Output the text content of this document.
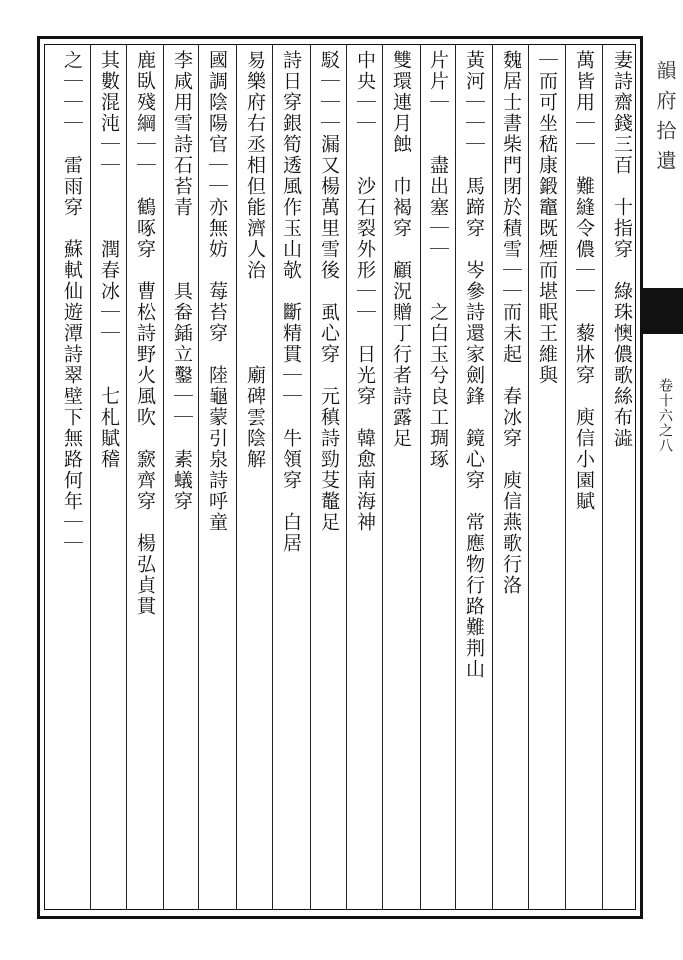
韻府拾遺
卷十六之八
妻詩齋錢三百　十指穿　綠珠懊儂歌絲布澁
萬皆用｜｜　難縫令儂｜｜　藜牀穿　庾信小園賦
｜而可坐嵇康鍛竈既煙而堪眠王維與
魏居士書柴門閉於積雪｜｜而未起　春冰穿　庾信燕歌行洛
黃河｜｜｜　馬蹄穿　岑參詩還家劍鋒　鏡心穿　常應物行路難荆山
片片｜　　盡出塞｜｜　　之白玉兮良工琱琢
雙環連月蝕　巾褐穿　顧況贈丁行者詩露足
中央｜｜　　沙石裂外形｜｜　日光穿　韓愈南海神
駁｜｜｜漏又楊萬里雪後　虱心穿　元稹詩勁芟鼇足
詩日穿銀筍透風作玉山欹　斷精貫｜｜　牛領穿　白居
易樂府右丞相但能濟人治　　　　廟碑雲陰解
國調陰陽官｜｜亦無妨　莓苔穿　陸龜蒙引泉詩呼童
李咸用雪詩石苔青　　　具畚鍤立鑿｜｜　素蟻穿
鹿臥殘綱｜｜　鶴啄穿　曹松詩野火風吹　窾齊穿　楊弘貞貫
其數混沌｜｜　　　潤春冰｜｜　　七札賦稽
之｜｜｜　雷雨穿　蘇軾仙遊潭詩翠壁下無路何年｜｜
